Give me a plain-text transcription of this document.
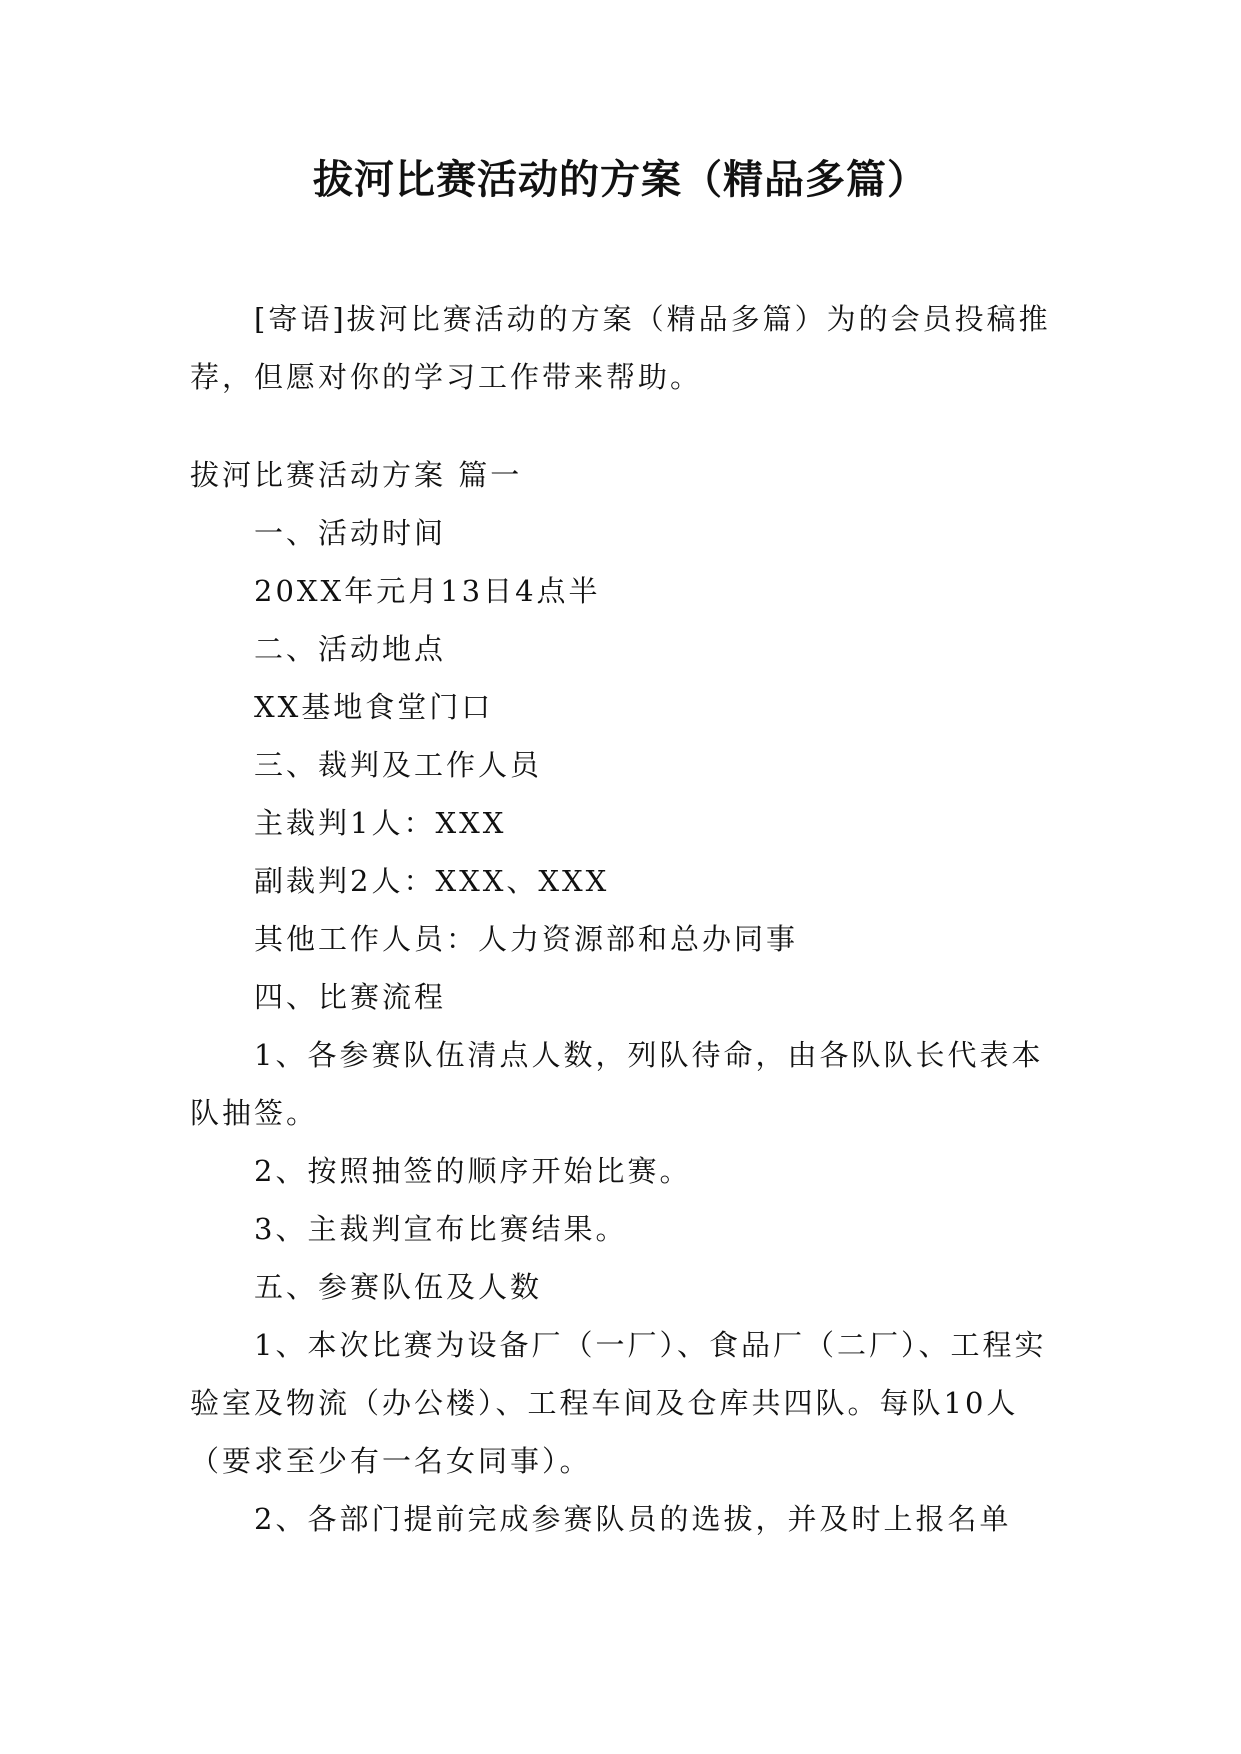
拔河比赛活动的方案（精品多篇）

[寄语]拔河比赛活动的方案（精品多篇）为的会员投稿推荐，但愿对你的学习工作带来帮助。

拔河比赛活动方案 篇一

一、活动时间

20XX年元月13日4点半

二、活动地点

XX基地食堂门口

三、裁判及工作人员

主裁判1人：XXX

副裁判2人：XXX、XXX

其他工作人员：人力资源部和总办同事

四、比赛流程

1、各参赛队伍清点人数，列队待命，由各队队长代表本队抽签。

2、按照抽签的顺序开始比赛。

3、主裁判宣布比赛结果。

五、参赛队伍及人数

1、本次比赛为设备厂（一厂）、食品厂（二厂）、工程实验室及物流（办公楼）、工程车间及仓库共四队。每队10人（要求至少有一名女同事）。

2、各部门提前完成参赛队员的选拔，并及时上报名单
